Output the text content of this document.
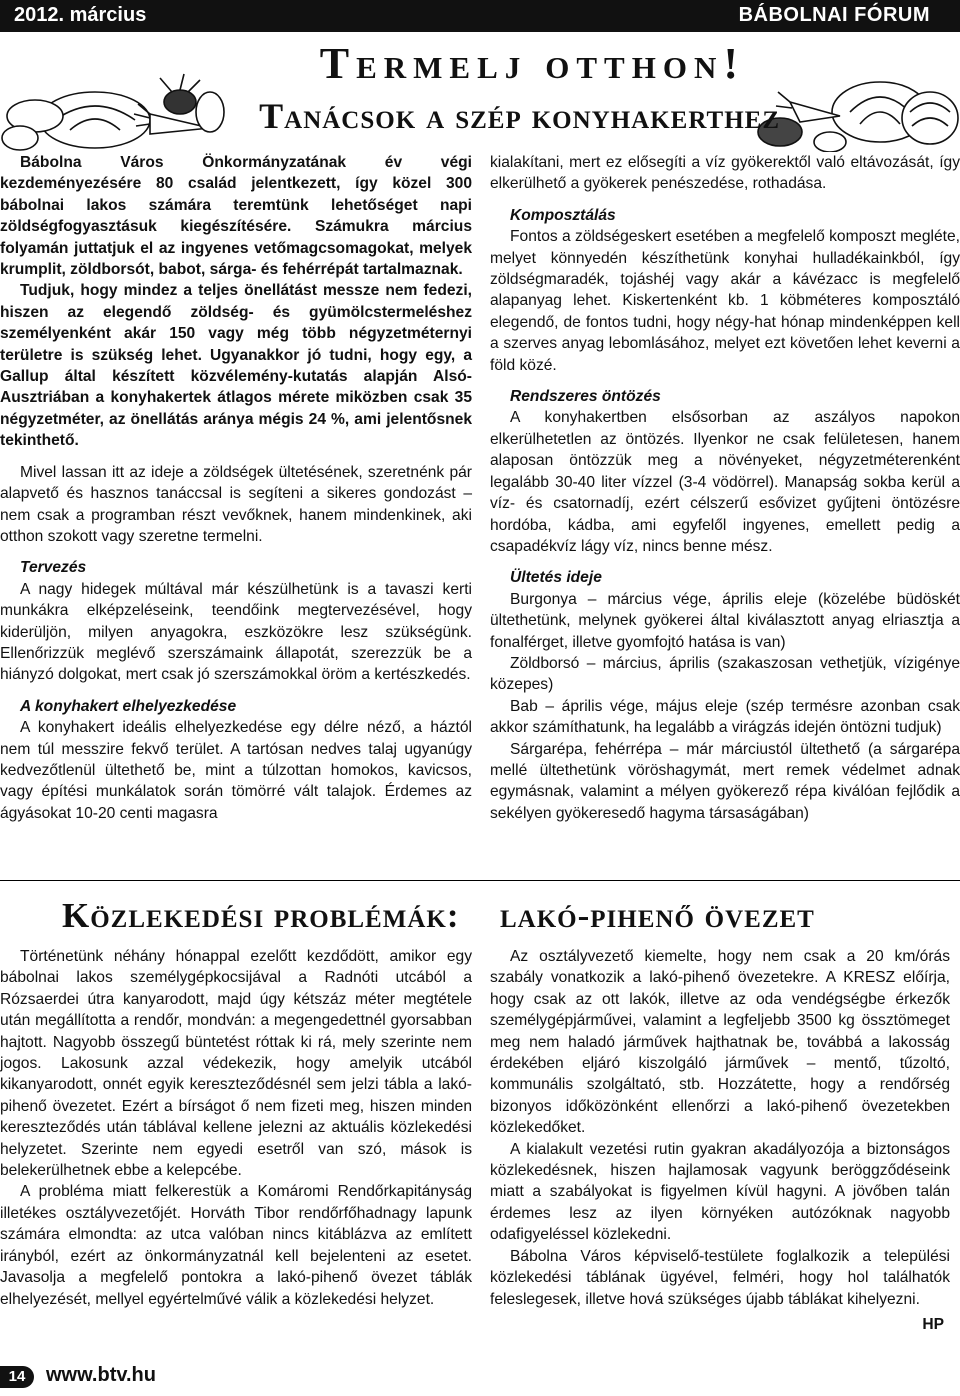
2012. március	BÁBOLNAI FÓRUM
Termelj otthon!
Tanácsok a szép konyhakerthez

Bábolna Város Önkormányzatának év végi kezdeményezésére 80 család jelentkezett, így közel 300 bábolnai lakos számára teremtünk lehetőséget napi zöldségfogyasztásuk kiegészítésére. Számukra március folyamán juttatjuk el az ingyenes vetőmagcsomagokat, melyek krumplit, zöldborsót, babot, sárga- és fehérrépát tartalmaznak.

Tudjuk, hogy mindez a teljes önellátást messze nem fedezi, hiszen az elegendő zöldség- és gyümölcstermeléshez személyenként akár 150 vagy még több négyzetméternyi területre is szükség lehet. Ugyanakkor jó tudni, hogy egy, a Gallup által készített közvélemény-kutatás alapján Alsó-Ausztriában a konyhakertek átlagos mérete miközben csak 35 négyzetméter, az önellátás aránya mégis 24 %, ami jelentősnek tekinthető.

Mivel lassan itt az ideje a zöldségek ültetésének, szeretnénk pár alapvető és hasznos tanáccsal is segíteni a sikeres gondozást – nem csak a programban részt vevőknek, hanem mindenkinek, aki otthon szokott vagy szeretne termelni.

Tervezés

A nagy hidegek múltával már készülhetünk is a tavaszi kerti munkákra elképzeléseink, teendőink megtervezésével, hogy kiderüljön, milyen anyagokra, eszközökre lesz szükségünk. Ellenőrizzük meglévő szerszámaink állapotát, szerezzük be a hiányzó dolgokat, mert csak jó szerszámokkal öröm a kertészkedés.

A konyhakert elhelyezkedése

A konyhakert ideális elhelyezkedése egy délre néző, a háztól nem túl messzire fekvő terület. A tartósan nedves talaj ugyanúgy kedvezőtlenül ültethető be, mint a túlzottan homokos, kavicsos, vagy építési munkálatok során tömörré vált talajok. Érdemes az ágyásokat 10-20 centi magasra

kialakítani, mert ez elősegíti a víz gyökerektől való eltávozását, így elkerülhető a gyökerek penészedése, rothadása.

Komposztálás

Fontos a zöldségeskert esetében a megfelelő komposzt megléte, melyet könnyedén készíthetünk konyhai hulladékainkból, így zöldségmaradék, tojáshéj vagy akár a kávézacc is megfelelő alapanyag lehet. Kiskertenként kb. 1 köbméteres komposztáló elegendő, de fontos tudni, hogy négy-hat hónap mindenképpen kell a szerves anyag lebomlásához, melyet ezt követően lehet keverni a föld közé.

Rendszeres öntözés

A konyhakertben elsősorban az aszályos napokon elkerülhetetlen az öntözés. Ilyenkor ne csak felületesen, hanem alaposan öntözzük meg a növényeket, négyzetméterenként legalább 30-40 liter vízzel (3-4 vödörrel). Manapság sokba kerül a víz- és csatornadíj, ezért célszerű esővizet gyűjteni öntözésre hordóba, kádba, ami egyfelől ingyenes, emellett pedig a csapadékvíz lágy víz, nincs benne mész.

Ültetés ideje

Burgonya – március vége, április eleje (közelébe büdöskét ültethetünk, melynek gyökerei által kiválasztott anyag elriasztja a fonalférget, illetve gyomfojtó hatása is van)

Zöldborsó – március, április (szakaszosan vethetjük, vízigénye közepes)

Bab – április vége, május eleje (szép termésre azonban csak akkor számíthatunk, ha legalább a virágzás idején öntözni tudjuk)

Sárgarépa, fehérrépa – már márciustól ültethető (a sárgarépa mellé ültethetünk vöröshagymát, mert remek védelmet adnak egymásnak, valamint a mélyen gyökerező répa kiválóan fejlődik a sekélyen gyökeresedő hagyma társaságában)

Közlekedési problémák: lakó-pihenő övezet

Történetünk néhány hónappal ezelőtt kezdődött, amikor egy bábolnai lakos személygépkocsijával a Radnóti utcából a Rózsaerdei útra kanyarodott, majd úgy kétszáz méter megtétele után megállította a rendőr, mondván: a megengedettnél gyorsabban hajtott. Nagyobb összegű büntetést róttak ki rá, mely szerinte nem jogos. Lakosunk azzal védekezik, hogy amelyik utcából kikanyarodott, onnét egyik kereszteződésnél sem jelzi tábla a lakó-pihenő övezetet. Ezért a bírságot ő nem fizeti meg, hiszen minden kereszteződés után táblával kellene jelezni az aktuális közlekedési helyzetet. Szerinte nem egyedi esetről van szó, mások is belekerülhetnek ebbe a kelepcébe.

A probléma miatt felkerestük a Komáromi Rendőrkapitányság illetékes osztályvezetőjét. Horváth Tibor rendőrfőhadnagy lapunk számára elmondta: az utca valóban nincs kitáblázva az említett irányból, ezért az önkormányzatnál kell bejelenteni az esetet. Javasolja a megfelelő pontokra a lakó-pihenő övezet táblák elhelyezését, mellyel egyértelművé válik a közlekedési helyzet.

Az osztályvezető kiemelte, hogy nem csak a 20 km/órás szabály vonatkozik a lakó-pihenő övezetekre. A KRESZ előírja, hogy csak az ott lakók, illetve az oda vendégségbe érkezők személygépjárművei, valamint a legfeljebb 3500 kg össztömeget meg nem haladó járművek hajthatnak be, továbbá a lakosság érdekében eljáró kiszolgáló járművek – mentő, tűzoltó, kommunális szolgáltató, stb. Hozzátette, hogy a rendőrség bizonyos időközönként ellenőrzi a lakó-pihenő övezetekben közlekedőket.

A kialakult vezetési rutin gyakran akadályozója a biztonságos közlekedésnek, hiszen hajlamosak vagyunk beröggződéseink miatt a szabályokat is figyelmen kívül hagyni. A jövőben talán érdemes lesz az ilyen környéken autózóknak nagyobb odafigyeléssel közlekedni.

Bábolna Város képviselő-testülete foglalkozik a települési közlekedési táblának ügyével, felméri, hogy hol találhatók feleslegesek, illetve hová szükséges újabb táblákat kihelyezni.

HP

14	www.btv.hu
